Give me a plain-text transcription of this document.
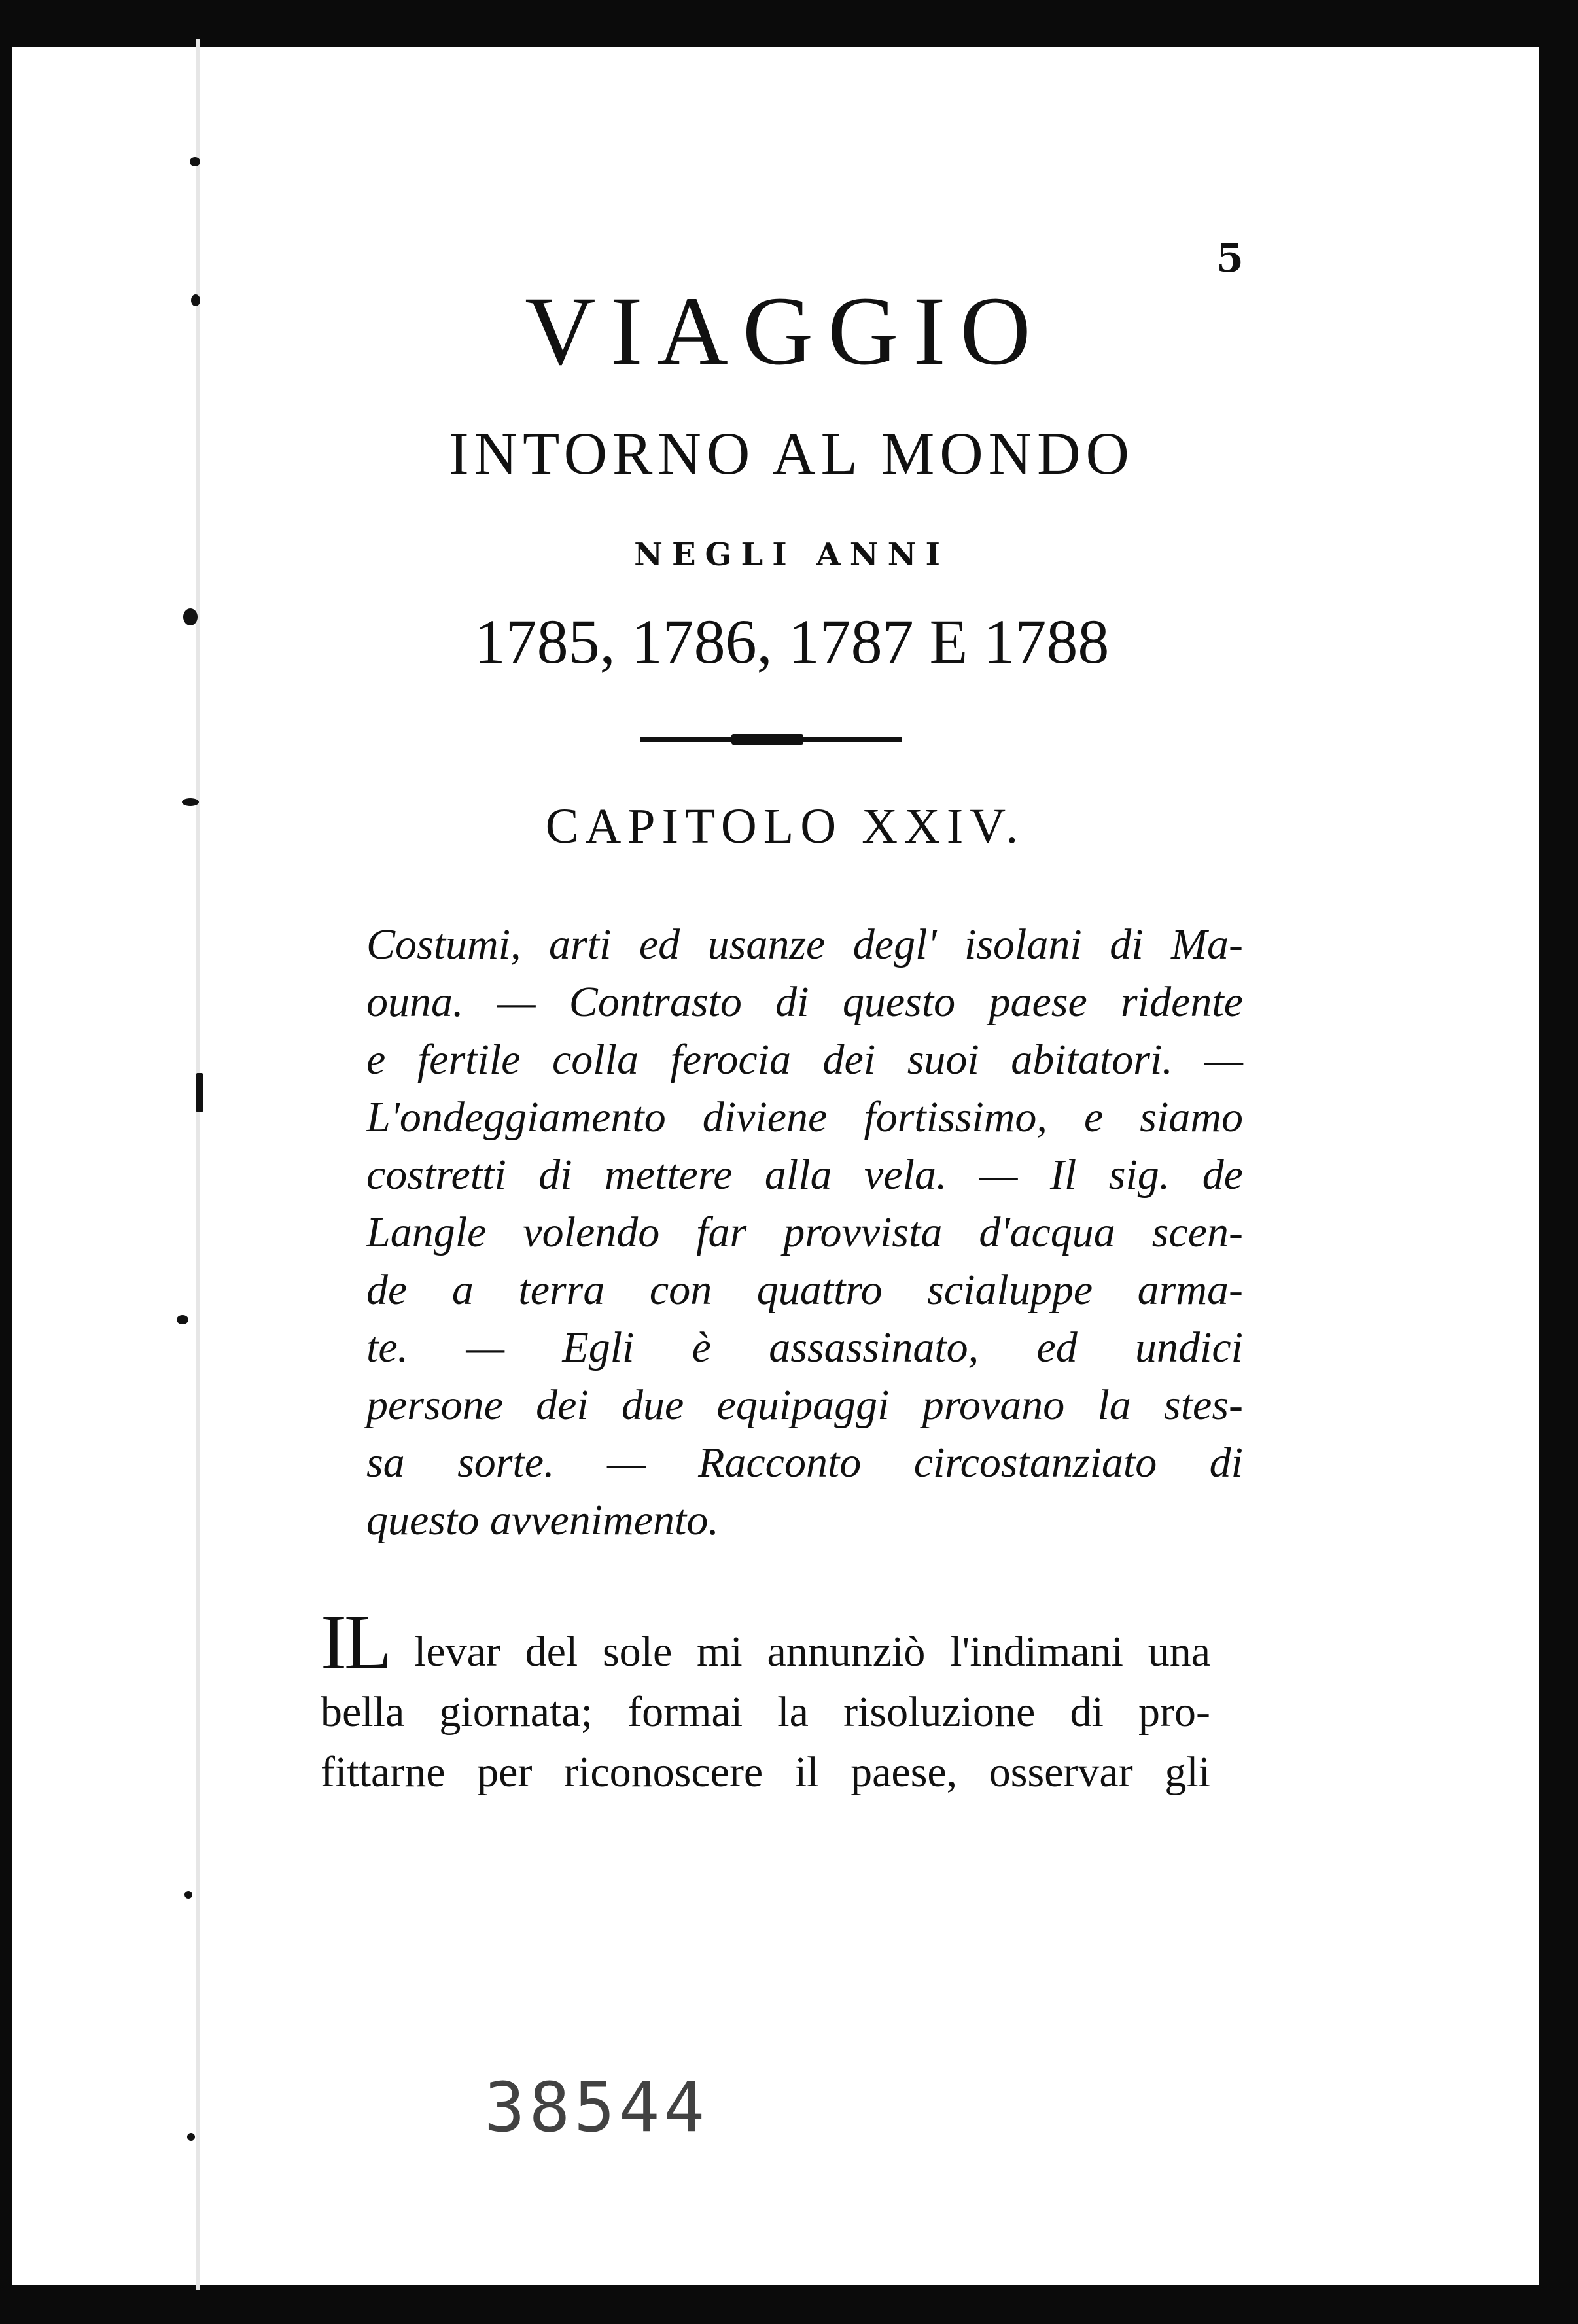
5
VIAGGIO
INTORNO AL MONDO
NEGLI ANNI
1785, 1786, 1787 E 1788
CAPITOLO XXIV.
Costumi, arti ed usanze degl' isolani di Ma-
ouna. — Contrasto di questo paese ridente
e fertile colla ferocia dei suoi abitatori. —
L'ondeggiamento diviene fortissimo, e siamo
costretti di mettere alla vela. — Il sig. de
Langle volendo far provvista d'acqua scen-
de a terra con quattro scialuppe arma-
te. — Egli è assassinato, ed undici
persone dei due equipaggi provano la stes-
sa sorte. — Racconto circostanziato di
questo avvenimento.
IL levar del sole mi annunziò l'indimani una
bella giornata; formai la risoluzione di pro-
fittarne per riconoscere il paese, osservar gli
38544
